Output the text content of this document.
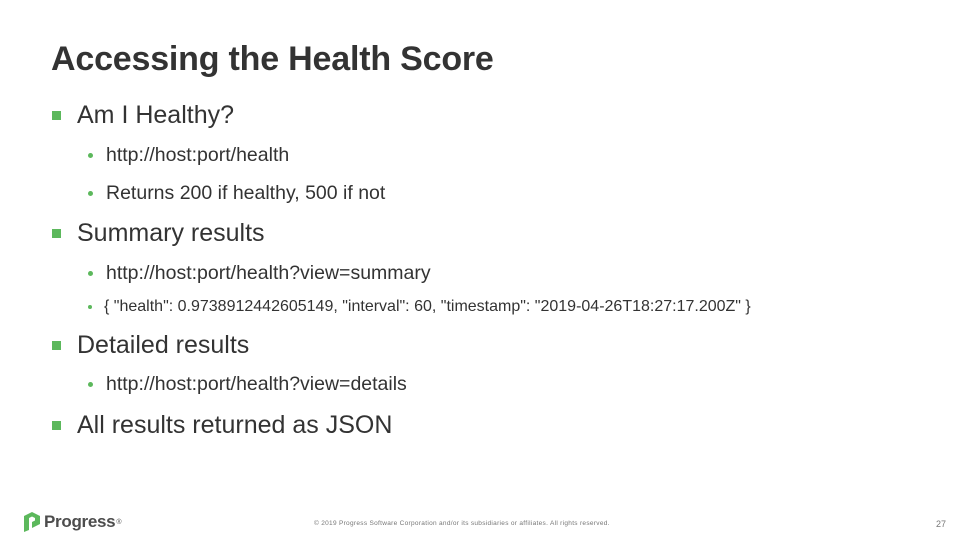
Accessing the Health Score
Am I Healthy?
http://host:port/health
Returns 200 if healthy, 500 if not
Summary results
http://host:port/health?view=summary
{ "health": 0.9738912442605149, "interval": 60, "timestamp": "2019-04-26T18:27:17.200Z" }
Detailed results
http://host:port/health?view=details
All results returned as JSON
Progress ®	© 2019 Progress Software Corporation and/or its subsidiaries or affiliates. All rights reserved.	27
